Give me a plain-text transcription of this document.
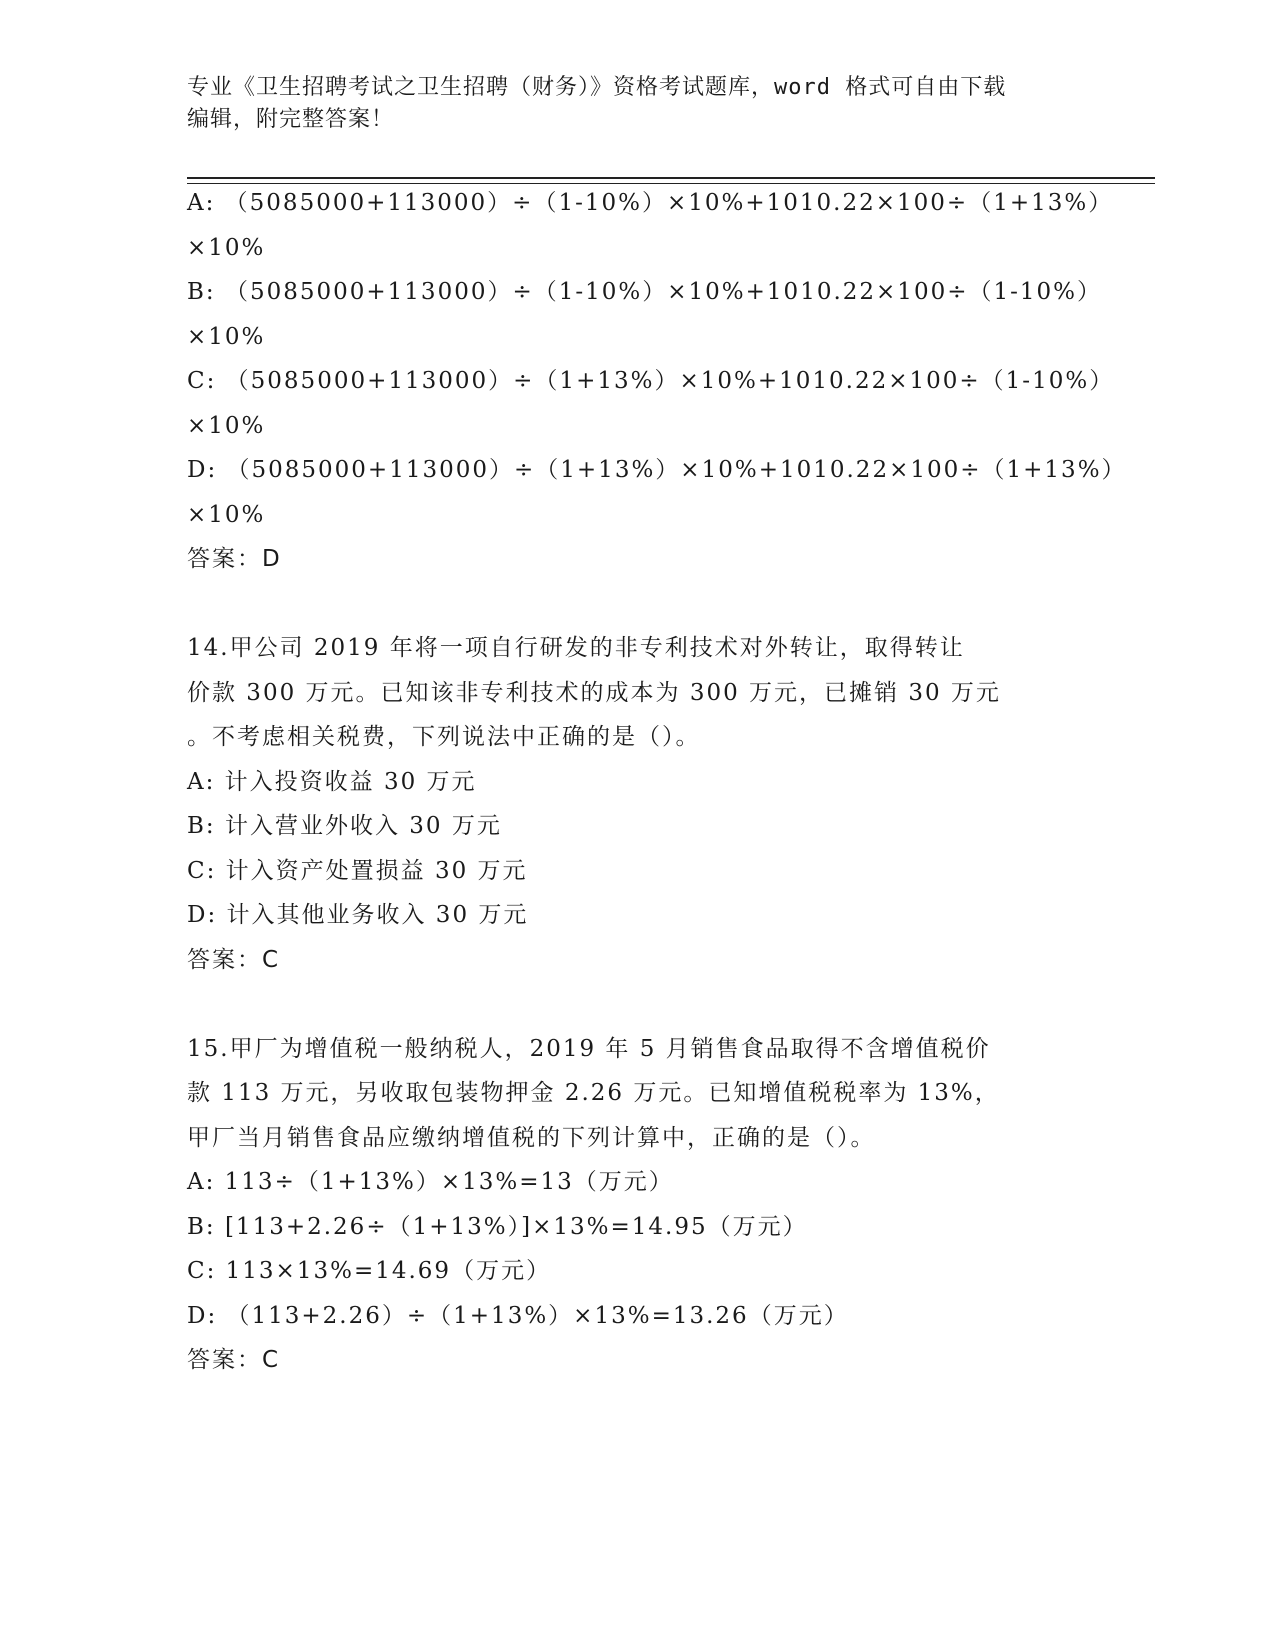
专业《卫生招聘考试之卫生招聘（财务）》资格考试题库，word 格式可自由下载
编辑，附完整答案！
A: （5085000+113000）÷（1-10%）×10%+1010.22×100÷（1+13%）
×10%
B: （5085000+113000）÷（1-10%）×10%+1010.22×100÷（1-10%）
×10%
C: （5085000+113000）÷（1+13%）×10%+1010.22×100÷（1-10%）
×10%
D: （5085000+113000）÷（1+13%）×10%+1010.22×100÷（1+13%）
×10%
答案：D
14.甲公司 2019 年将一项自行研发的非专利技术对外转让，取得转让
价款 300 万元。已知该非专利技术的成本为 300 万元，已摊销 30 万元
。不考虑相关税费，下列说法中正确的是（）。
A: 计入投资收益 30 万元
B: 计入营业外收入 30 万元
C: 计入资产处置损益 30 万元
D: 计入其他业务收入 30 万元
答案：C
15.甲厂为增值税一般纳税人，2019 年 5 月销售食品取得不含增值税价
款 113 万元，另收取包装物押金 2.26 万元。已知增值税税率为 13%，
甲厂当月销售食品应缴纳增值税的下列计算中，正确的是（）。
A: 113÷（1+13%）×13%=13（万元）
B: [113+2.26÷（1+13%）]×13%=14.95（万元）
C: 113×13%=14.69（万元）
D: （113+2.26）÷（1+13%）×13%=13.26（万元）
答案：C
